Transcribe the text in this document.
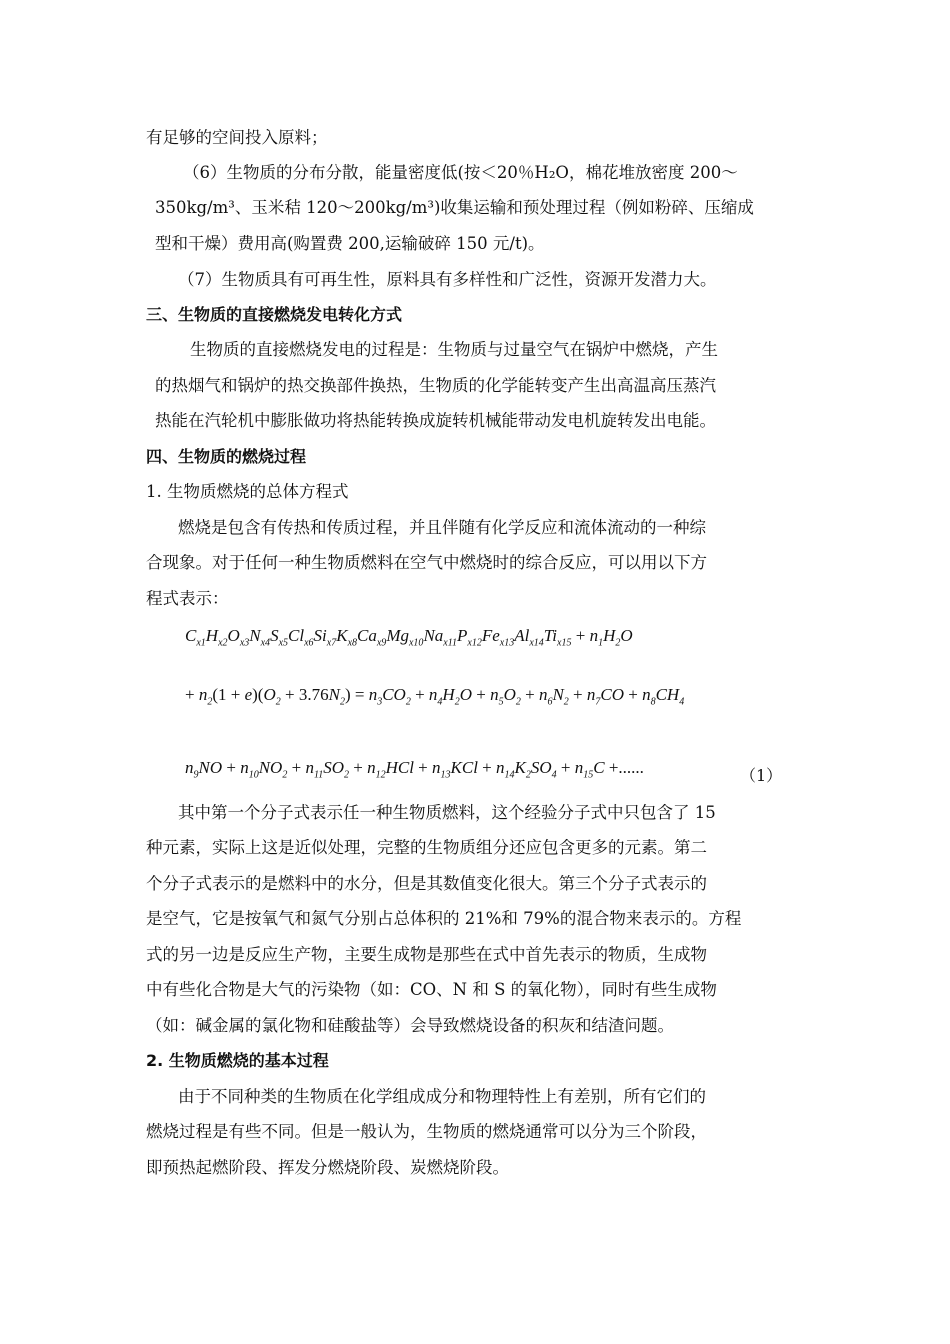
有足够的空间投入原料；
（6）生物质的分布分散，能量密度低(按＜20％H₂O，棉花堆放密度 200～
350kg/m³、玉米秸 120～200kg/m³)收集运输和预处理过程（例如粉碎、压缩成
型和干燥）费用高(购置费 200,运输破碎 150 元/t)。
（7）生物质具有可再生性，原料具有多样性和广泛性，资源开发潜力大。
三、生物质的直接燃烧发电转化方式
生物质的直接燃烧发电的过程是：生物质与过量空气在锅炉中燃烧，产生
的热烟气和锅炉的热交换部件换热，生物质的化学能转变产生出高温高压蒸汽
热能在汽轮机中膨胀做功将热能转换成旋转机械能带动发电机旋转发出电能。
四、生物质的燃烧过程
1. 生物质燃烧的总体方程式
燃烧是包含有传热和传质过程，并且伴随有化学反应和流体流动的一种综
合现象。对于任何一种生物质燃料在空气中燃烧时的综合反应，可以用以下方
程式表示：
$C_{x1}H_{x2}O_{x3}N_{x4}S_{x5}Cl_{x6}Si_{x7}K_{x8}Ca_{x9}Mg_{x10}Na_{x11}P_{x12}Fe_{x13}Al_{x14}Ti_{x15} + n_1H_2O$
+ $n_2(1 + e)(O_2 + 3.76N_2) = n_3CO_2 + n_4H_2O + n_5O_2 + n_6N_2 + n_7CO + n_8CH_4$
$n_9NO + n_{10}NO_2 + n_{11}SO_2 + n_{12}HCl + n_{13}KCl + n_{14}K_2SO_4 + n_{15}C$ +......	（1）
其中第一个分子式表示任一种生物质燃料，这个经验分子式中只包含了 15
种元素，实际上这是近似处理，完整的生物质组分还应包含更多的元素。第二
个分子式表示的是燃料中的水分，但是其数值变化很大。第三个分子式表示的
是空气，它是按氧气和氮气分别占总体积的 21%和 79%的混合物来表示的。方程
式的另一边是反应生产物，主要生成物是那些在式中首先表示的物质，生成物
中有些化合物是大气的污染物（如：CO、N 和 S 的氧化物），同时有些生成物
（如：碱金属的氯化物和硅酸盐等）会导致燃烧设备的积灰和结渣问题。
2. 生物质燃烧的基本过程
由于不同种类的生物质在化学组成成分和物理特性上有差别，所有它们的
燃烧过程是有些不同。但是一般认为，生物质的燃烧通常可以分为三个阶段，
即预热起燃阶段、挥发分燃烧阶段、炭燃烧阶段。
